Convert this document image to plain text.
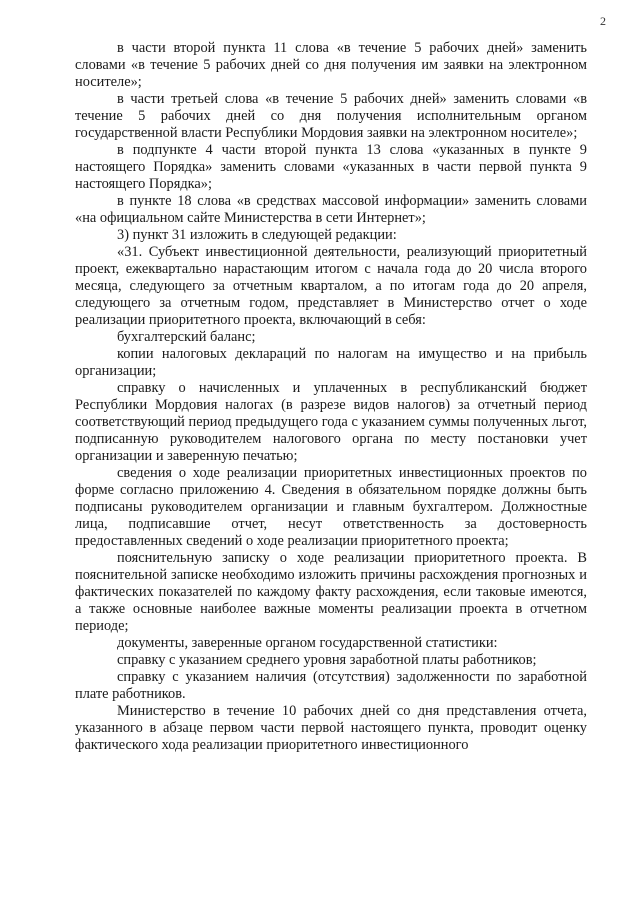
2

в части второй пункта 11 слова «в течение 5 рабочих дней» заменить словами «в течение 5 рабочих дней со дня получения им заявки на электронном носителе»;

в части третьей слова «в течение 5 рабочих дней» заменить словами «в течение 5 рабочих дней со дня получения исполнительным органом государственной власти Республики Мордовия заявки на электронном носителе»;

в подпункте 4 части второй пункта 13 слова «указанных в пункте 9 настоящего Порядка» заменить словами «указанных в части первой пункта 9 настоящего Порядка»;

в пункте 18 слова «в средствах массовой информации» заменить словами «на официальном сайте Министерства в сети Интернет»;

3) пункт 31 изложить в следующей редакции:

«31. Субъект инвестиционной деятельности, реализующий приоритетный проект, ежеквартально нарастающим итогом с начала года до 20 числа второго месяца, следующего за отчетным кварталом, а по итогам года до 20 апреля, следующего за отчетным годом, представляет в Министерство отчет о ходе реализации приоритетного проекта, включающий в себя:

бухгалтерский баланс;

копии налоговых деклараций по налогам на имущество и на прибыль организации;

справку о начисленных и уплаченных в республиканский бюджет Республики Мордовия налогах (в разрезе видов налогов) за отчетный период соответствующий период предыдущего года с указанием суммы полученных льгот, подписанную руководителем налогового органа по месту постановки учет организации и заверенную печатью;

сведения о ходе реализации приоритетных инвестиционных проектов по форме согласно приложению 4. Сведения в обязательном порядке должны быть подписаны руководителем организации и главным бухгалтером. Должностные лица, подписавшие отчет, несут ответственность за достоверность предоставленных сведений о ходе реализации приоритетного проекта;

пояснительную записку о ходе реализации приоритетного проекта. В пояснительной записке необходимо изложить причины расхождения прогнозных и фактических показателей по каждому факту расхождения, если таковые имеются, а также основные наиболее важные моменты реализации проекта в отчетном периоде;

документы, заверенные органом государственной статистики:

справку с указанием среднего уровня заработной платы работников;

справку с указанием наличия (отсутствия) задолженности по заработной плате работников.

Министерство в течение 10 рабочих дней со дня представления отчета, указанного в абзаце первом части первой настоящего пункта, проводит оценку фактического хода реализации приоритетного инвестиционного
